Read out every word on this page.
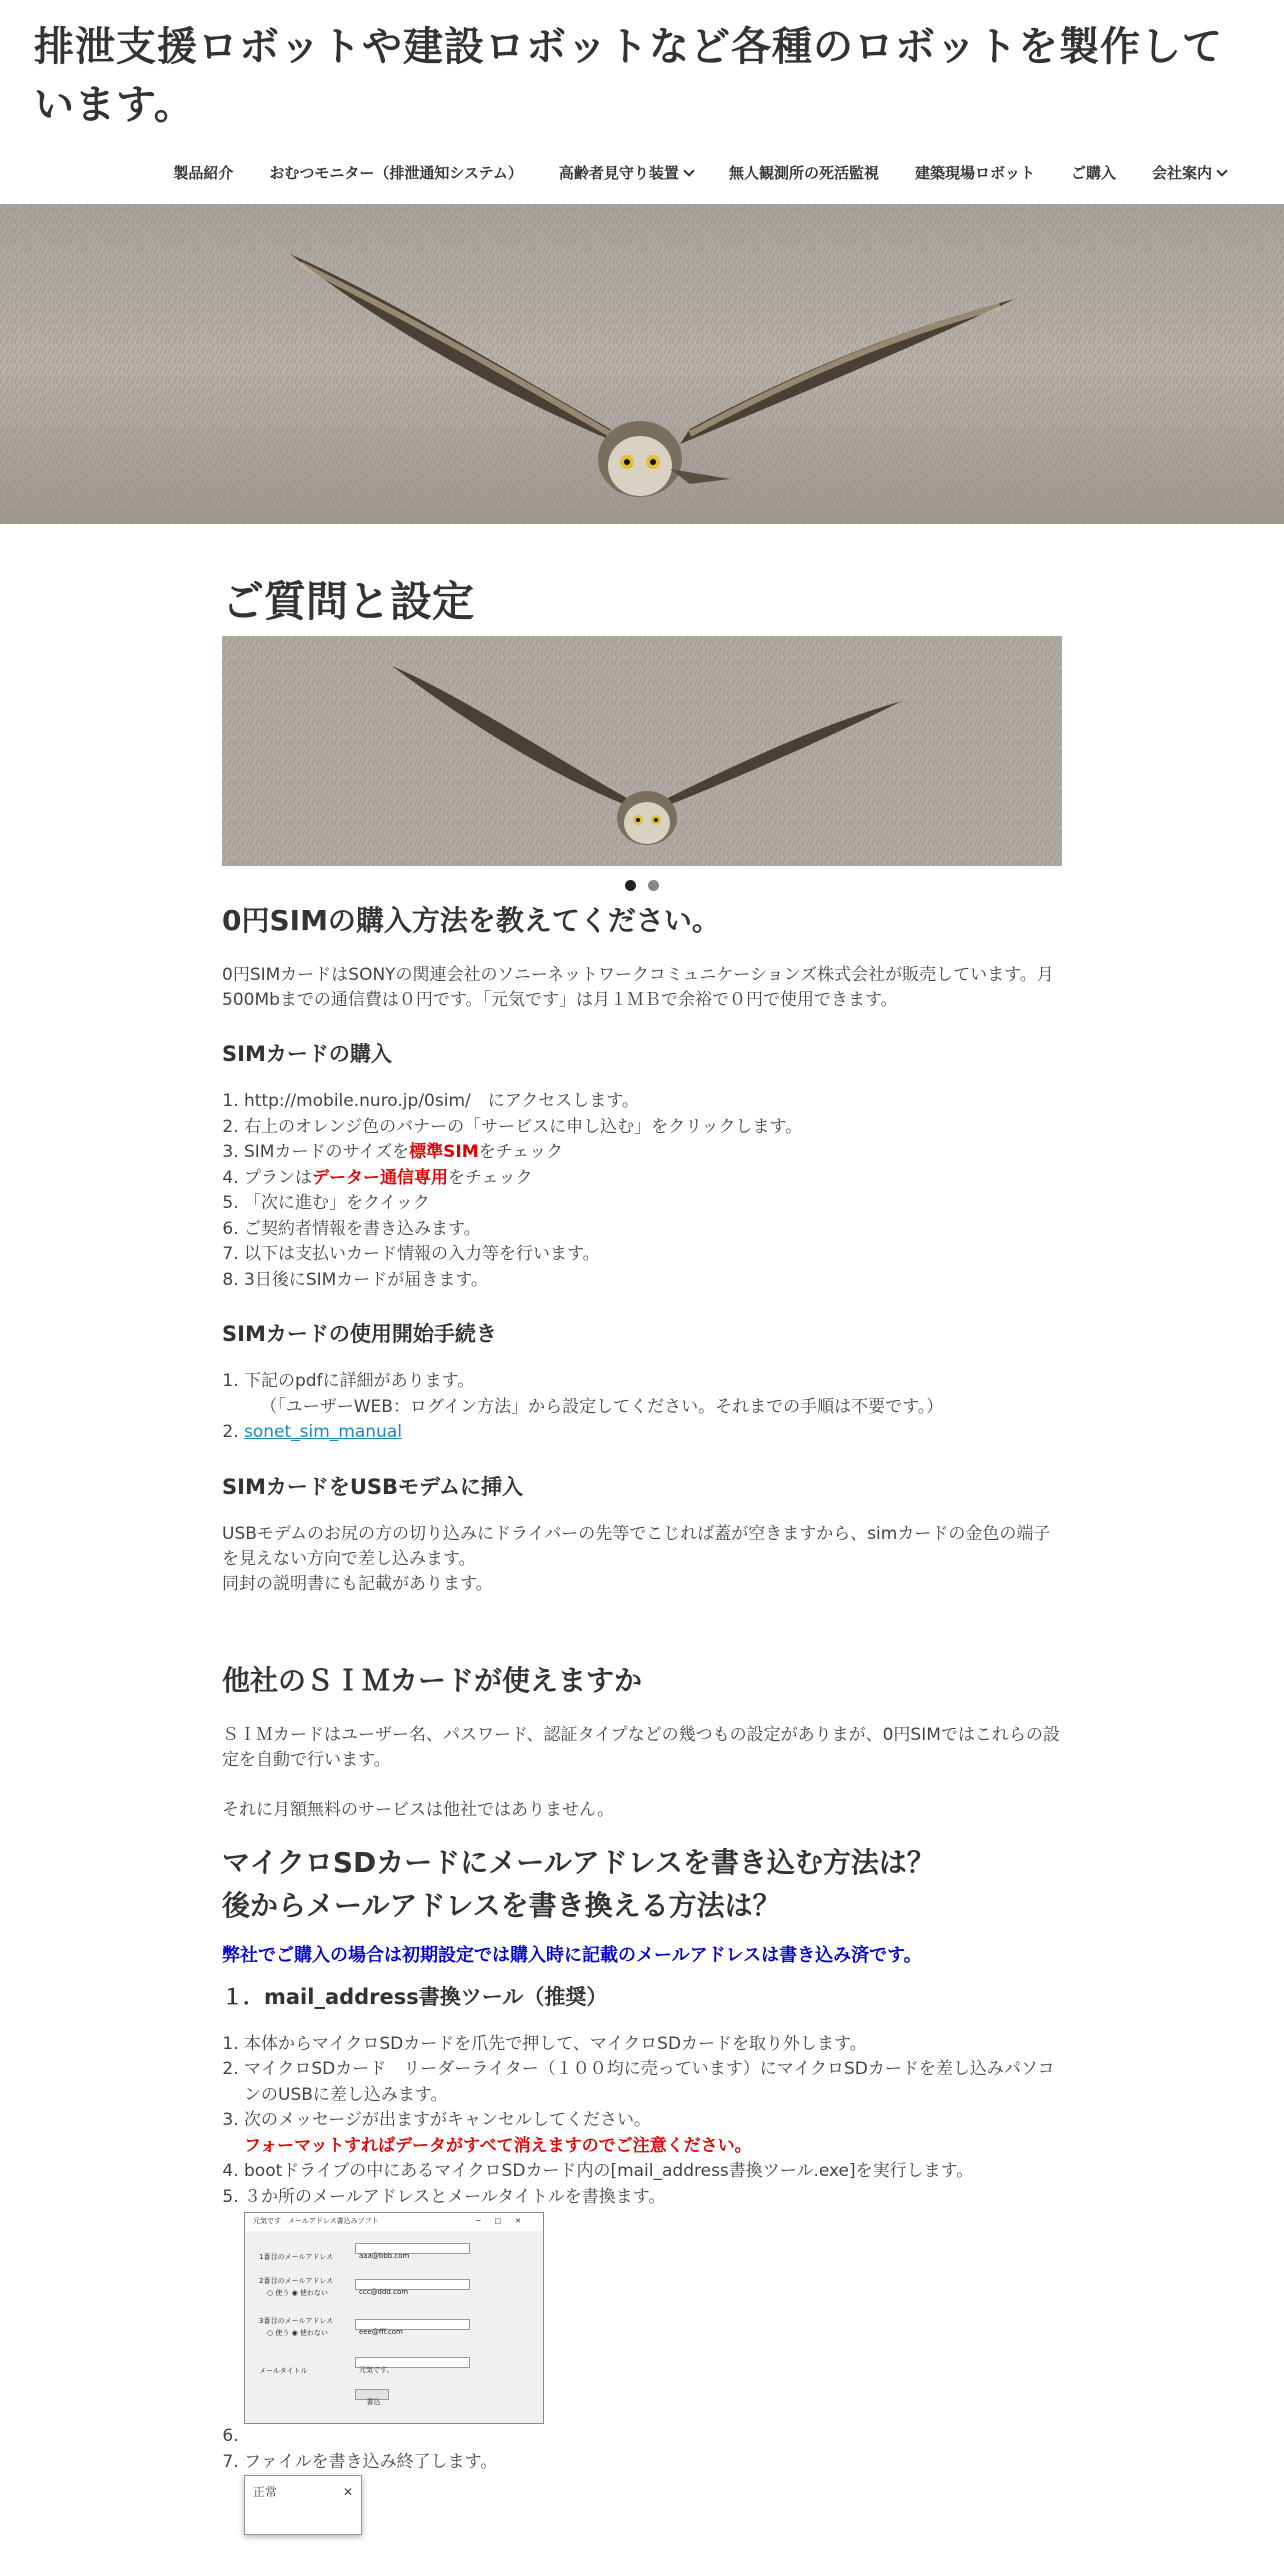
排泄支援ロボットや建設ロボットなど各種のロボットを製作しています。
製品紹介 おむつモニター（排泄通知システム） 高齢者見守り装置	無人観測所の死活監視 建築現場ロボット ご購入 会社案内
ご質問と設定
0円SIMの購入方法を教えてください。

0円SIMカードはSONYの関連会社のソニーネットワークコミュニケーションズ株式会社が販売しています。月
500Mbまでの通信費は０円です。「元気です」は月１ＭＢで余裕で０円で使用できます。

SIMカードの購入
1. http://mobile.nuro.jp/0sim/　にアクセスします。
2. 右上のオレンジ色のバナーの「サービスに申し込む」をクリックします。
3. SIMカードのサイズを標準SIMをチェック
4. プランはデーター通信専用をチェック
5. 「次に進む」をクイック
6. ご契約者情報を書き込みます。
7. 以下は支払いカード情報の入力等を行います。
8. 3日後にSIMカードが届きます。
SIMカードの使用開始手続き
1. 下記のpdfに詳細があります。
（「ユーザーWEB：ログイン方法」から設定してください。それまでの手順は不要です。）
2. sonet_sim_manual
SIMカードをUSBモデムに挿入

USBモデムのお尻の方の切り込みにドライバーの先等でこじれば蓋が空きますから、simカードの金色の端子
を見えない方向で差し込みます。
同封の説明書にも記載があります。

他社のＳＩＭカードが使えますか

ＳＩＭカードはユーザー名、パスワード、認証タイプなどの幾つもの設定がありまが、0円SIMではこれらの設
定を自動で行います。

それに月額無料のサービスは他社ではありません。

マイクロSDカードにメールアドレスを書き込む方法は？
後からメールアドレスを書き換える方法は？

弊社でご購入の場合は初期設定では購入時に記載のメールアドレスは書き込み済です。

１．mail_address書換ツール（推奨）
1. 本体からマイクロSDカードを爪先で押して、マイクロSDカードを取り外します。
2. マイクロSDカード　リーダーライター（１００均に売っています）にマイクロSDカードを差し込みパソコ
ンのUSBに差し込みます。
3. 次のメッセージが出ますがキャンセルしてください。
フォーマットすればデータがすべて消えますのでご注意ください。
4. bootドライブの中にあるマイクロSDカード内の[mail_address書換ツール.exe]を実行します。
5. ３か所のメールアドレスとメールタイトルを書換ます。
元気です　メールアドレス書込みソフト	─□✕
1番目のメールアドレス	aaa@bbb.com
2番目のメールアドレス
○ 使う ◉ 使わない	ccc@ddd.com
3番目のメールアドレス
○ 使う ◉ 使わない	eee@fff.com
メールタイトル	元気です。
書込
6.
7. ファイルを書き込み終了します。
正常	✕
